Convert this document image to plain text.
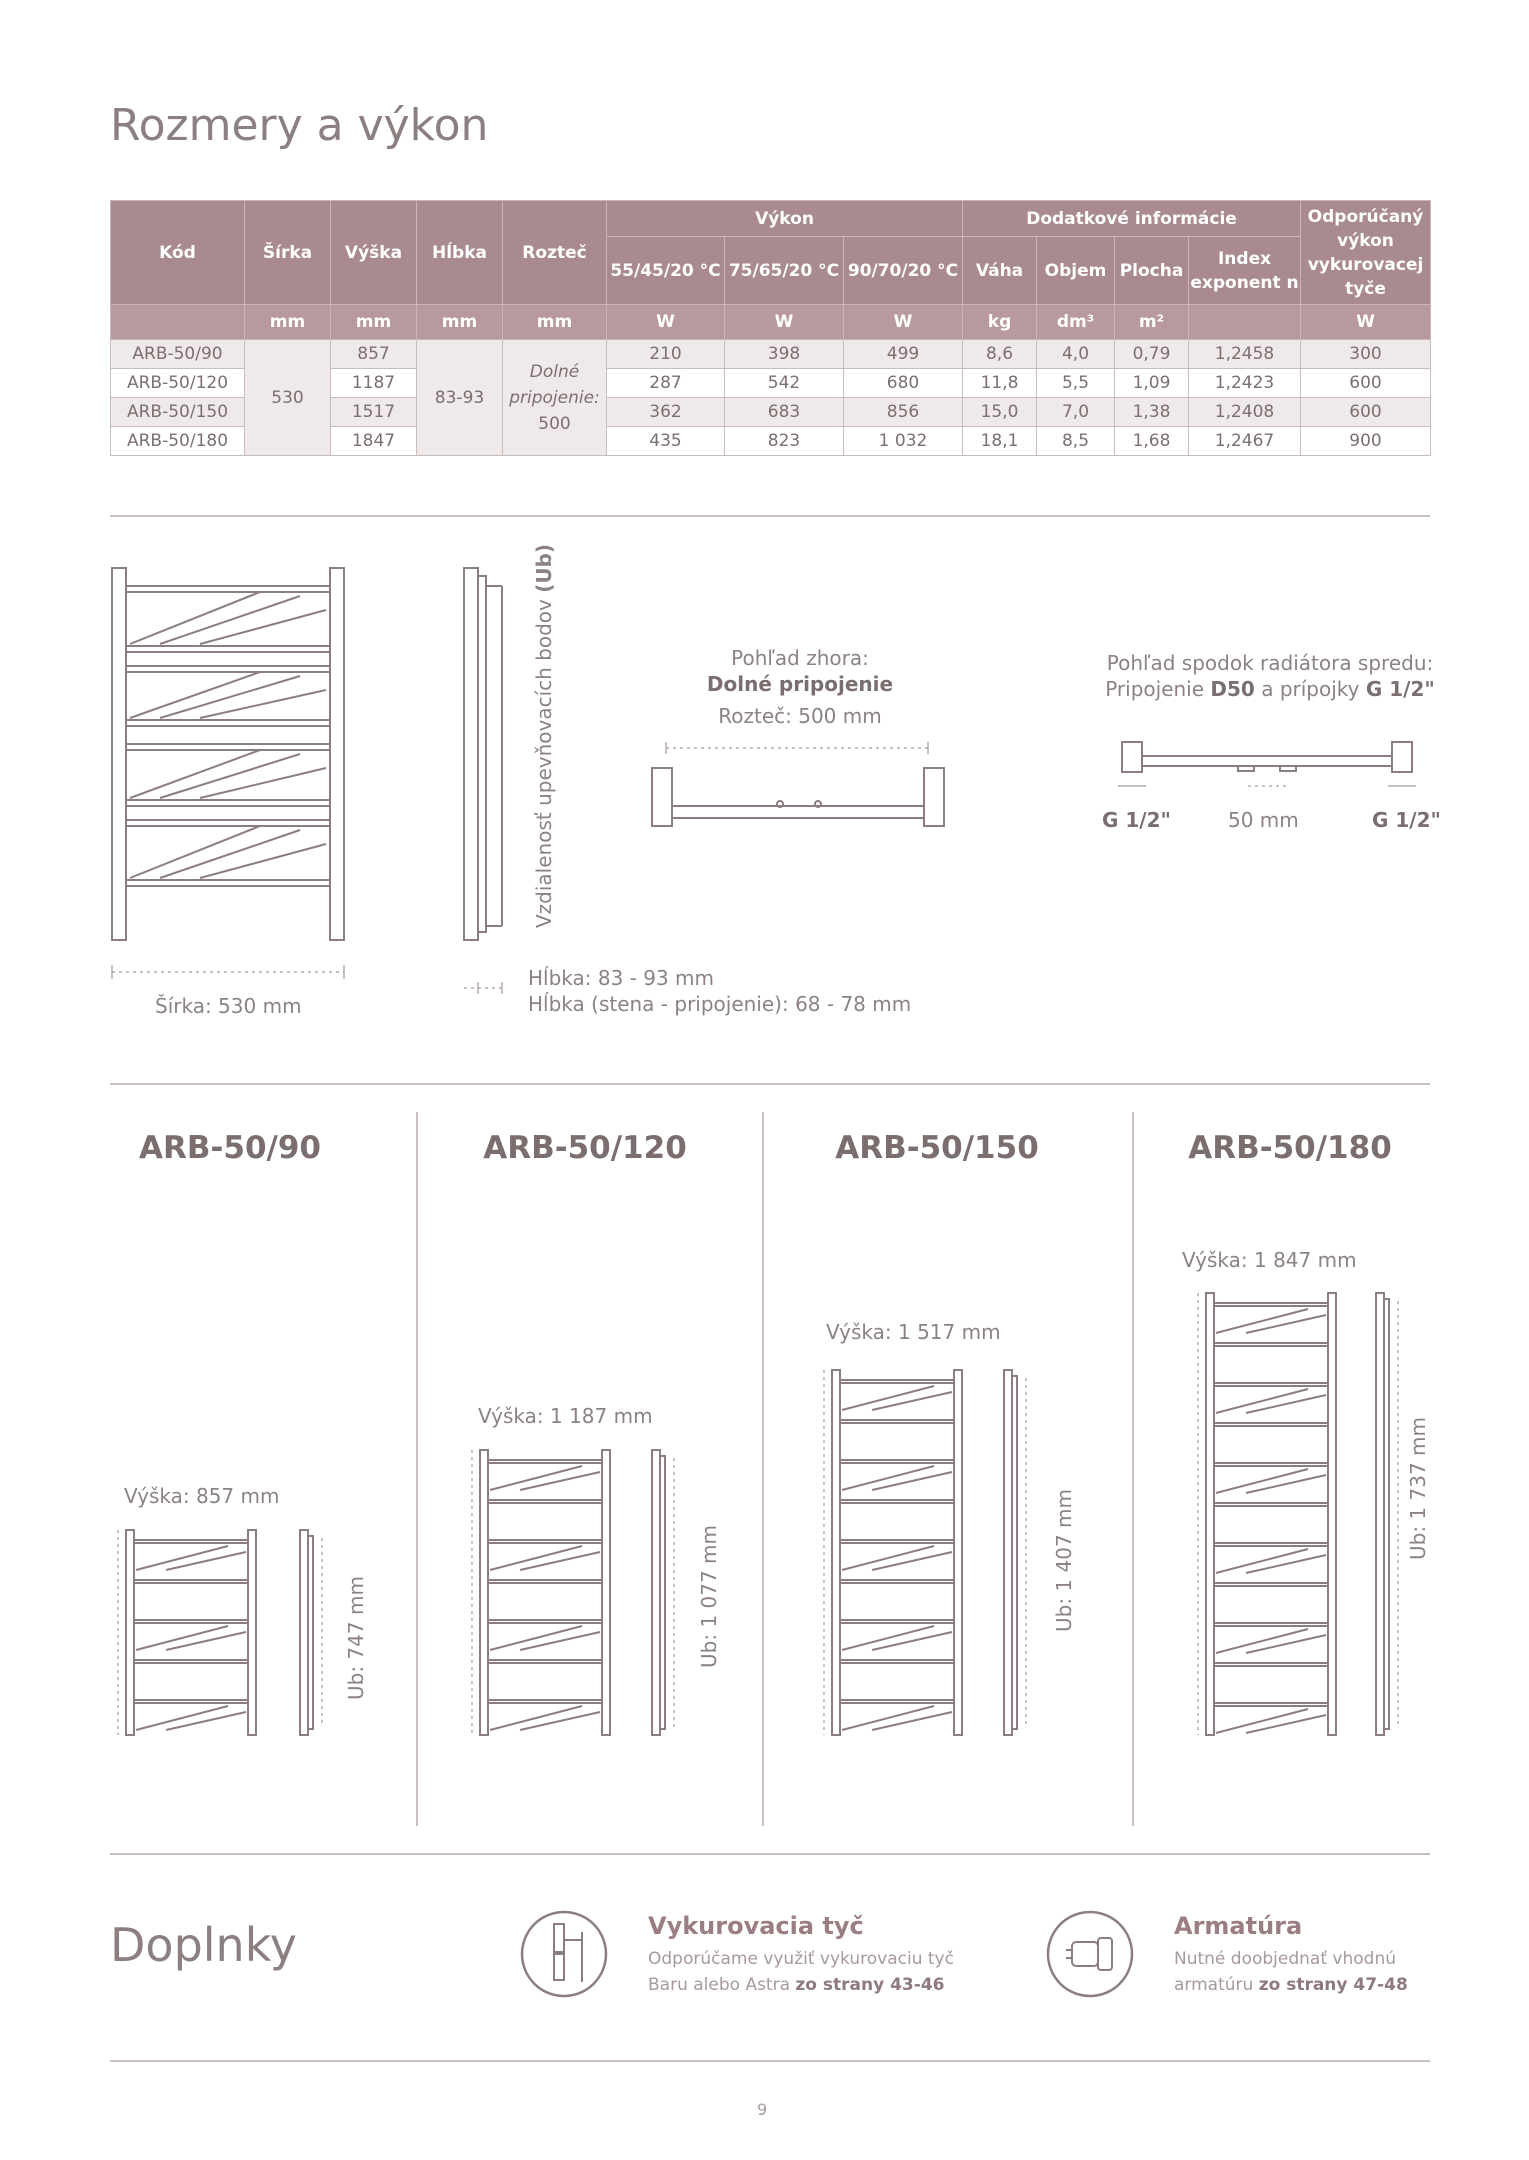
Rozmery a výkon
Kód	Šírka	Výška	Hĺbka	Rozteč	Výkon			Dodatkové informácie				Odporúčaný
výkon
vykurovacej
tyče

					55/45/20 °C	75/65/20 °C	90/70/20 °C	Váha	Objem	Plocha	Index
exponent n	

	mm	mm	mm	mm	W	W	W	kg	dm³	m²		W
ARB-50/90	530	857	83-93	Dolné
pripojenie:
500	210	398	499	8,6	4,0	0,79	1,2458	300
ARB-50/120		1187			287	542	680	11,8	5,5	1,09	1,2423	600
ARB-50/150		1517			362	683	856	15,0	7,0	1,38	1,2408	600
ARB-50/180		1847			435	823	1 032	18,1	8,5	1,68	1,2467	900
Šírka: 530 mm
Vzdialenosť upevňovacích bodov (Ub)
Hĺbka: 83 - 93 mm
Hĺbka (stena - pripojenie): 68 - 78 mm
Pohľad zhora:
Dolné pripojenie
Rozteč: 500 mm
Pohľad spodok radiátora spredu:
Pripojenie D50 a prípojky G 1/2"
G 1/2"	50 mm	G 1/2"
ARB-50/90	ARB-50/120	ARB-50/150	ARB-50/180
Výška: 857 mm
Výška: 1 187 mm
Výška: 1 517 mm
Výška: 1 847 mm
Ub: 747 mm	Ub: 1 077 mm	Ub: 1 407 mm
Ub: 1 737 mm
Doplnky	Vykurovacia tyč
Odporúčame využiť vykurovaciu tyč
Baru alebo Astra zo strany 43-46
Armatúra
Nutné doobjednať vhodnú
armatúru zo strany 47-48
9
